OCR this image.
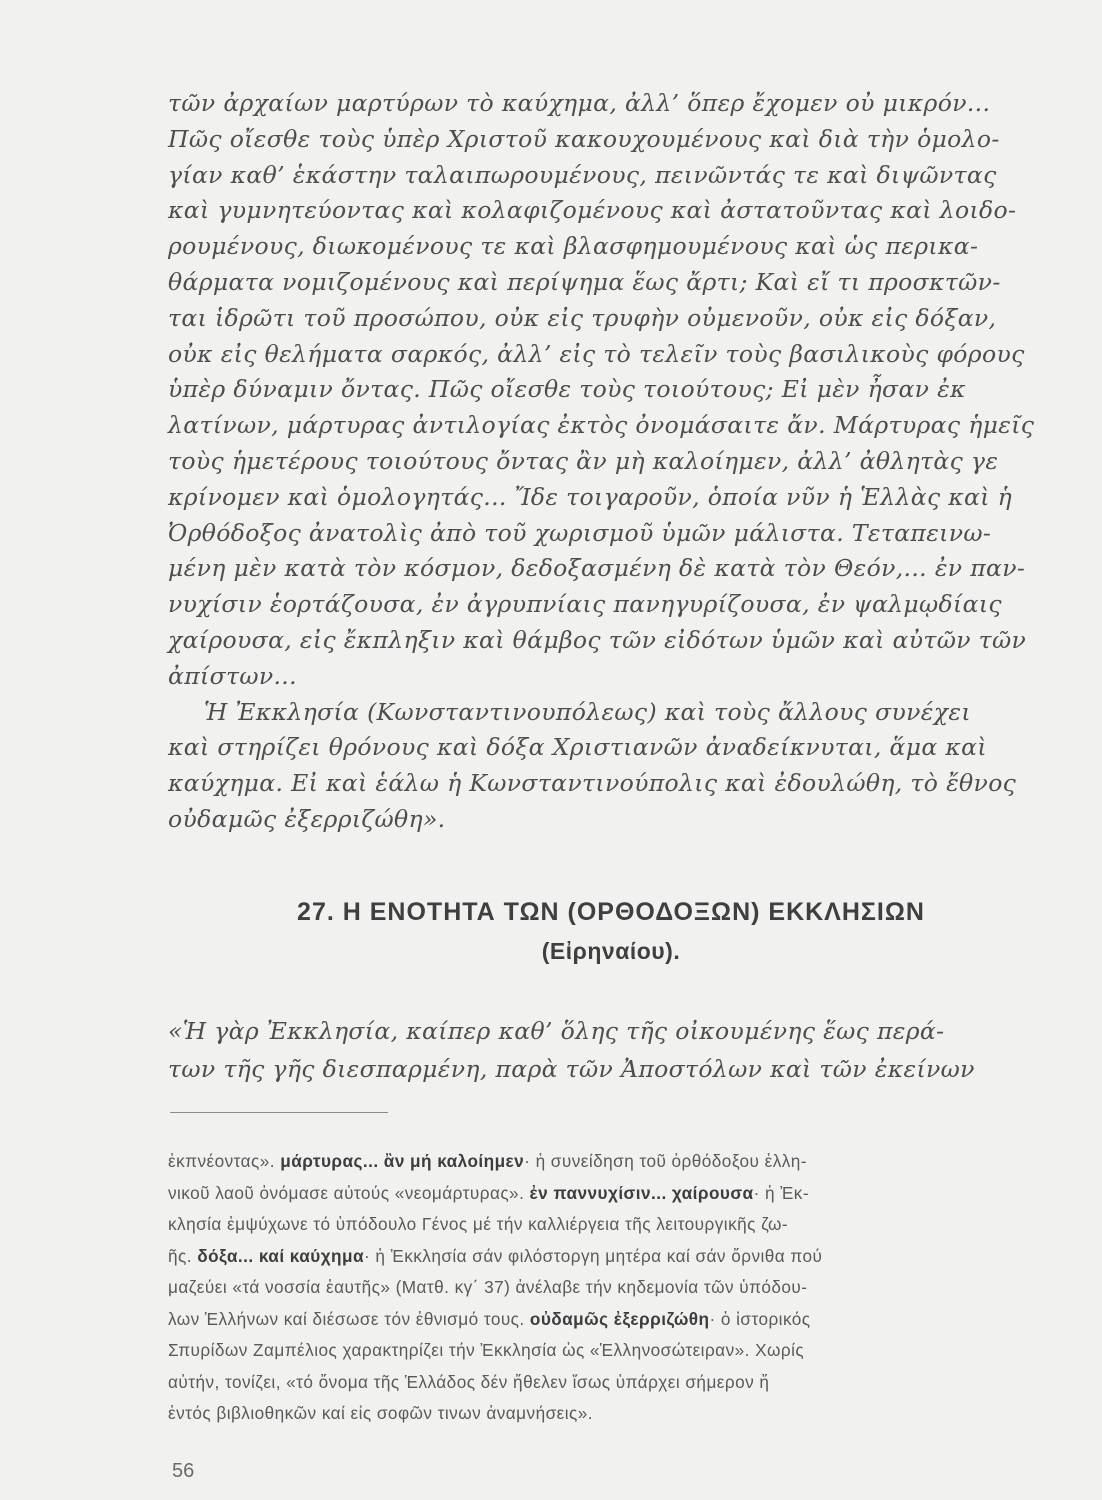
τῶν ἀρχαίων μαρτύρων τὸ καύχημα, ἀλλ’ ὅπερ ἔχομεν οὐ μικρόν...
Πῶς οἴεσθε τοὺς ὑπὲρ Χριστοῦ κακουχουμένους καὶ διὰ τὴν ὁμολο-
γίαν καθ’ ἑκάστην ταλαιπωρουμένους, πεινῶντάς τε καὶ διψῶντας
καὶ γυμνητεύοντας καὶ κολαφιζομένους καὶ ἀστατοῦντας καὶ λοιδο-
ρουμένους, διωκομένους τε καὶ βλασφημουμένους καὶ ὡς περικα-
θάρματα νομιζομένους καὶ περίψημα ἕως ἄρτι; Καὶ εἴ τι προσκτῶν-
ται ἱδρῶτι τοῦ προσώπου, οὐκ εἰς τρυφὴν οὐμενοῦν, οὐκ εἰς δόξαν,
οὐκ εἰς θελήματα σαρκός, ἀλλ’ εἰς τὸ τελεῖν τοὺς βασιλικοὺς φόρους
ὑπὲρ δύναμιν ὄντας. Πῶς οἴεσθε τοὺς τοιούτους; Εἰ μὲν ἦσαν ἐκ
λατίνων, μάρτυρας ἀντιλογίας ἐκτὸς ὀνομάσαιτε ἄν. Μάρτυρας ἡμεῖς
τοὺς ἡμετέρους τοιούτους ὄντας ἂν μὴ καλοίημεν, ἀλλ’ ἀθλητὰς γε
κρίνομεν καὶ ὁμολογητάς... Ἴδε τοιγαροῦν, ὁποία νῦν ἡ Ἑλλὰς καὶ ἡ
Ὀρθόδοξος ἀνατολὶς ἀπὸ τοῦ χωρισμοῦ ὑμῶν μάλιστα. Τεταπεινω-
μένη μὲν κατὰ τὸν κόσμον, δεδοξασμένη δὲ κατὰ τὸν Θεόν,... ἐν παν-
νυχίσιν ἑορτάζουσα, ἐν ἀγρυπνίαις πανηγυρίζουσα, ἐν ψαλμῳδίαις
χαίρουσα, εἰς ἔκπληξιν καὶ θάμβος τῶν εἰδότων ὑμῶν καὶ αὐτῶν τῶν
ἀπίστων...
Ἡ Ἐκκλησία (Κωνσταντινουπόλεως) καὶ τοὺς ἄλλους συνέχει
καὶ στηρίζει θρόνους καὶ δόξα Χριστιανῶν ἀναδείκνυται, ἅμα καὶ
καύχημα. Εἰ καὶ ἑάλω ἡ Κωνσταντινούπολις καὶ ἐδουλώθη, τὸ ἔθνος
οὐδαμῶς ἐξερριζώθη».
27. Η ΕΝΟΤΗΤΑ ΤΩΝ (ΟΡΘΟΔΟΞΩΝ) ΕΚΚΛΗΣΙΩΝ
(Εἰρηναίου).
«Ἡ γὰρ Ἐκκλησία, καίπερ καθ’ ὅλης τῆς οἰκουμένης ἕως περά-
των τῆς γῆς διεσπαρμένη, παρὰ τῶν Ἀποστόλων καὶ τῶν ἐκείνων
ἐκπνέοντας». μάρτυρας... ἂν μή καλοίημεν· ἡ συνείδηση τοῦ ὀρθόδοξου ἑλλη-
νικοῦ λαοῦ ὀνόμασε αὐτούς «νεομάρτυρας». ἐν παννυχίσιν... χαίρουσα· ἡ Ἐκ-
κλησία ἐμψύχωνε τό ὑπόδουλο Γένος μέ τήν καλλιέργεια τῆς λειτουργικῆς ζω-
ῆς. δόξα... καί καύχημα· ἡ Ἐκκλησία σάν φιλόστοργη μητέρα καί σάν ὄρνιθα πού
μαζεύει «τά νοσσία ἑαυτῆς» (Ματθ. κγ΄ 37) ἀνέλαβε τήν κηδεμονία τῶν ὑπόδου-
λων Ἑλλήνων καί διέσωσε τόν ἐθνισμό τους. οὐδαμῶς ἐξερριζώθη· ὁ ἱστορικός
Σπυρίδων Ζαμπέλιος χαρακτηρίζει τήν Ἐκκλησία ὡς «Ἑλληνοσώτειραν». Χωρίς
αὐτήν, τονίζει, «τό ὄνομα τῆς Ἑλλάδος δέν ἤθελεν ἴσως ὑπάρχει σήμερον ἤ
ἐντός βιβλιοθηκῶν καί εἰς σοφῶν τινων ἀναμνήσεις».
56
